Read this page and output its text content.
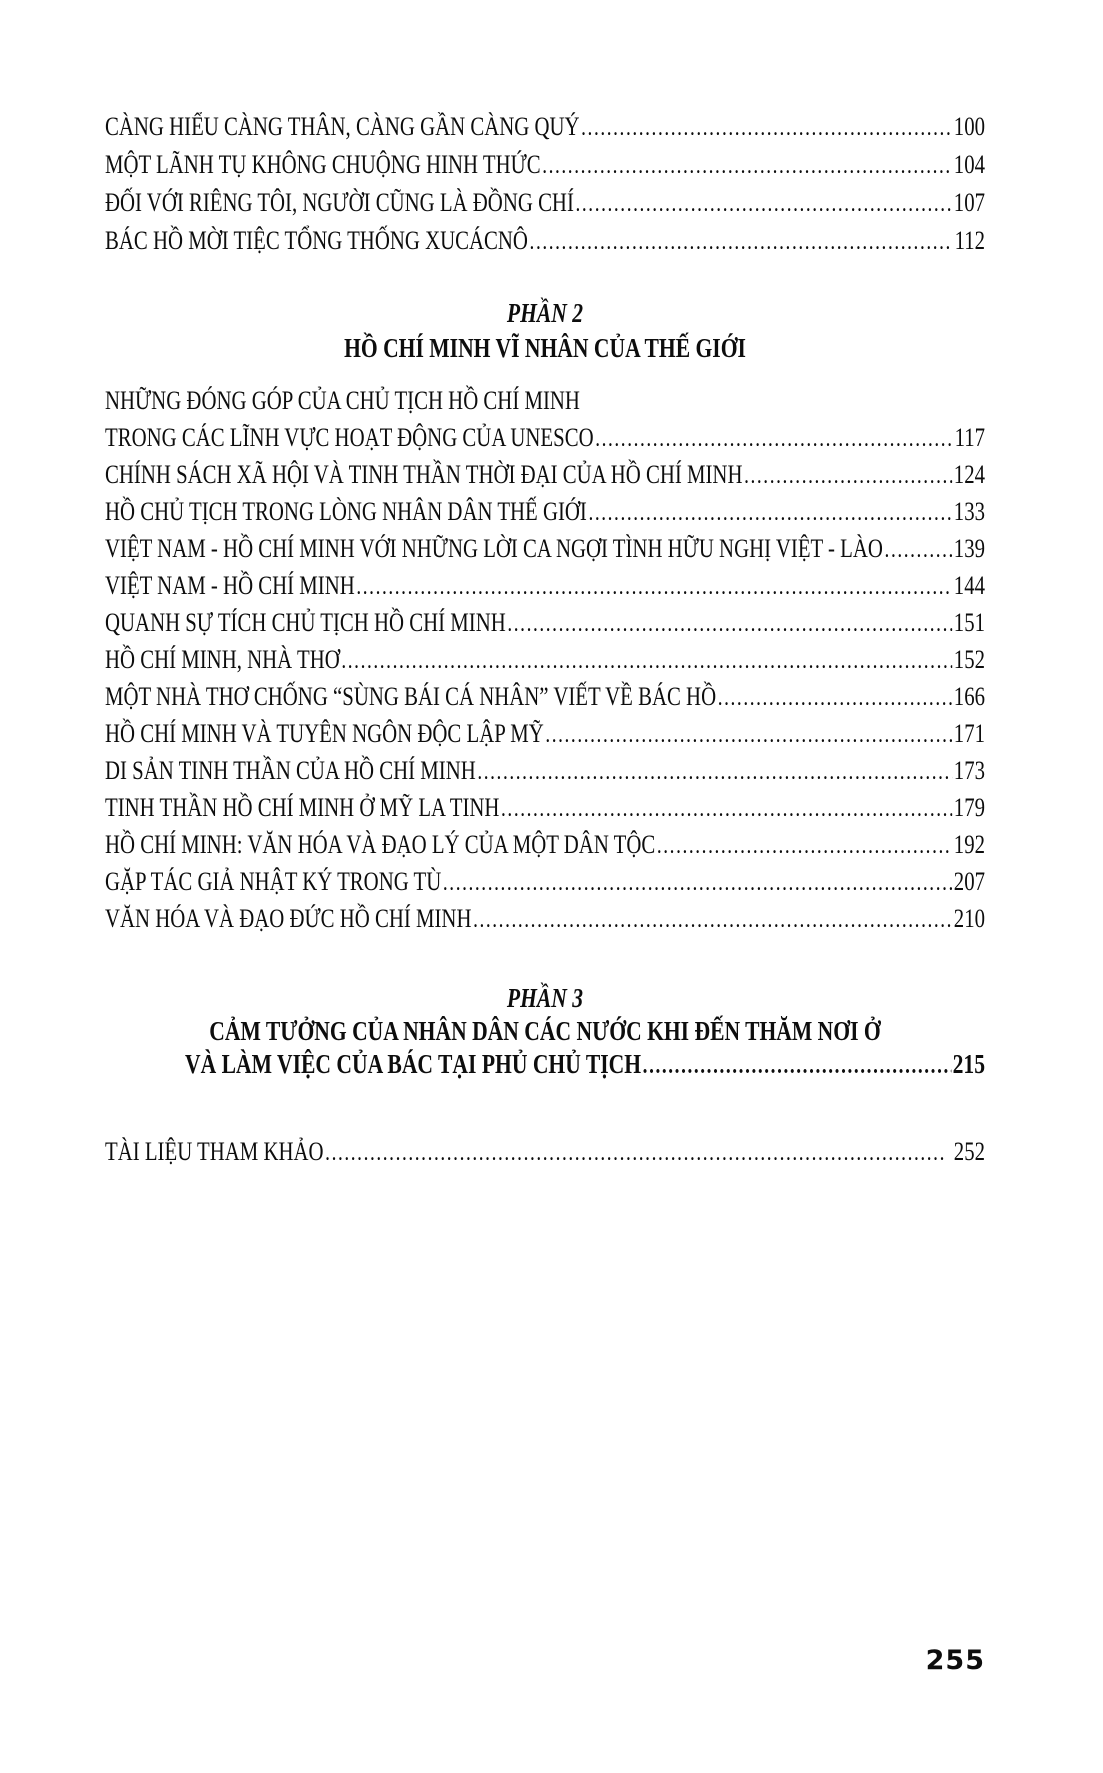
CÀNG HIỂU CÀNG THÂN, CÀNG GẦN CÀNG QUÝ .....	100
MỘT LÃNH TỤ KHÔNG CHUỘNG HINH THỨC .....	104
ĐỐI VỚI RIÊNG TÔI, NGƯỜI CŨNG LÀ ĐỒNG CHÍ .....	107
BÁC HỒ MỜI TIỆC TỔNG THỐNG XUCÁCNÔ .....	112
PHẦN 2
HỒ CHÍ MINH VĨ NHÂN CỦA THẾ GIỚI
NHỮNG ĐÓNG GÓP CỦA CHỦ TỊCH HỒ CHÍ MINH
TRONG CÁC LĨNH VỰC HOẠT ĐỘNG CỦA UNESCO .....	117
CHÍNH SÁCH XÃ HỘI VÀ TINH THẦN THỜI ĐẠI CỦA HỒ CHÍ MINH .....	124
HỒ CHỦ TỊCH TRONG LÒNG NHÂN DÂN THẾ GIỚI .....	133
VIỆT NAM - HỒ CHÍ MINH VỚI NHỮNG LỜI CA NGỢI TÌNH HỮU NGHỊ VIỆT - LÀO .....	139
VIỆT NAM - HỒ CHÍ MINH .....	144
QUANH SỰ TÍCH CHỦ TỊCH HỒ CHÍ MINH .....	151
HỒ CHÍ MINH, NHÀ THƠ .....	152
MỘT NHÀ THƠ CHỐNG “SÙNG BÁI CÁ NHÂN” VIẾT VỀ BÁC HỒ .....	166
HỒ CHÍ MINH VÀ TUYÊN NGÔN ĐỘC LẬP MỸ .....	171
DI SẢN TINH THẦN CỦA HỒ CHÍ MINH .....	173
TINH THẦN HỒ CHÍ MINH Ở MỸ LA TINH .....	179
HỒ CHÍ MINH: VĂN HÓA VÀ ĐẠO LÝ CỦA MỘT DÂN TỘC .....	192
GẶP TÁC GIẢ NHẬT KÝ TRONG TÙ .....	207
VĂN HÓA VÀ ĐẠO ĐỨC HỒ CHÍ MINH .....	210
PHẦN 3
CẢM TƯỞNG CỦA NHÂN DÂN CÁC NƯỚC KHI ĐẾN THĂM NƠI Ở
VÀ LÀM VIỆC CỦA BÁC TẠI PHỦ CHỦ TỊCH .....	215
TÀI LIỆU THAM KHẢO .....	252
255
